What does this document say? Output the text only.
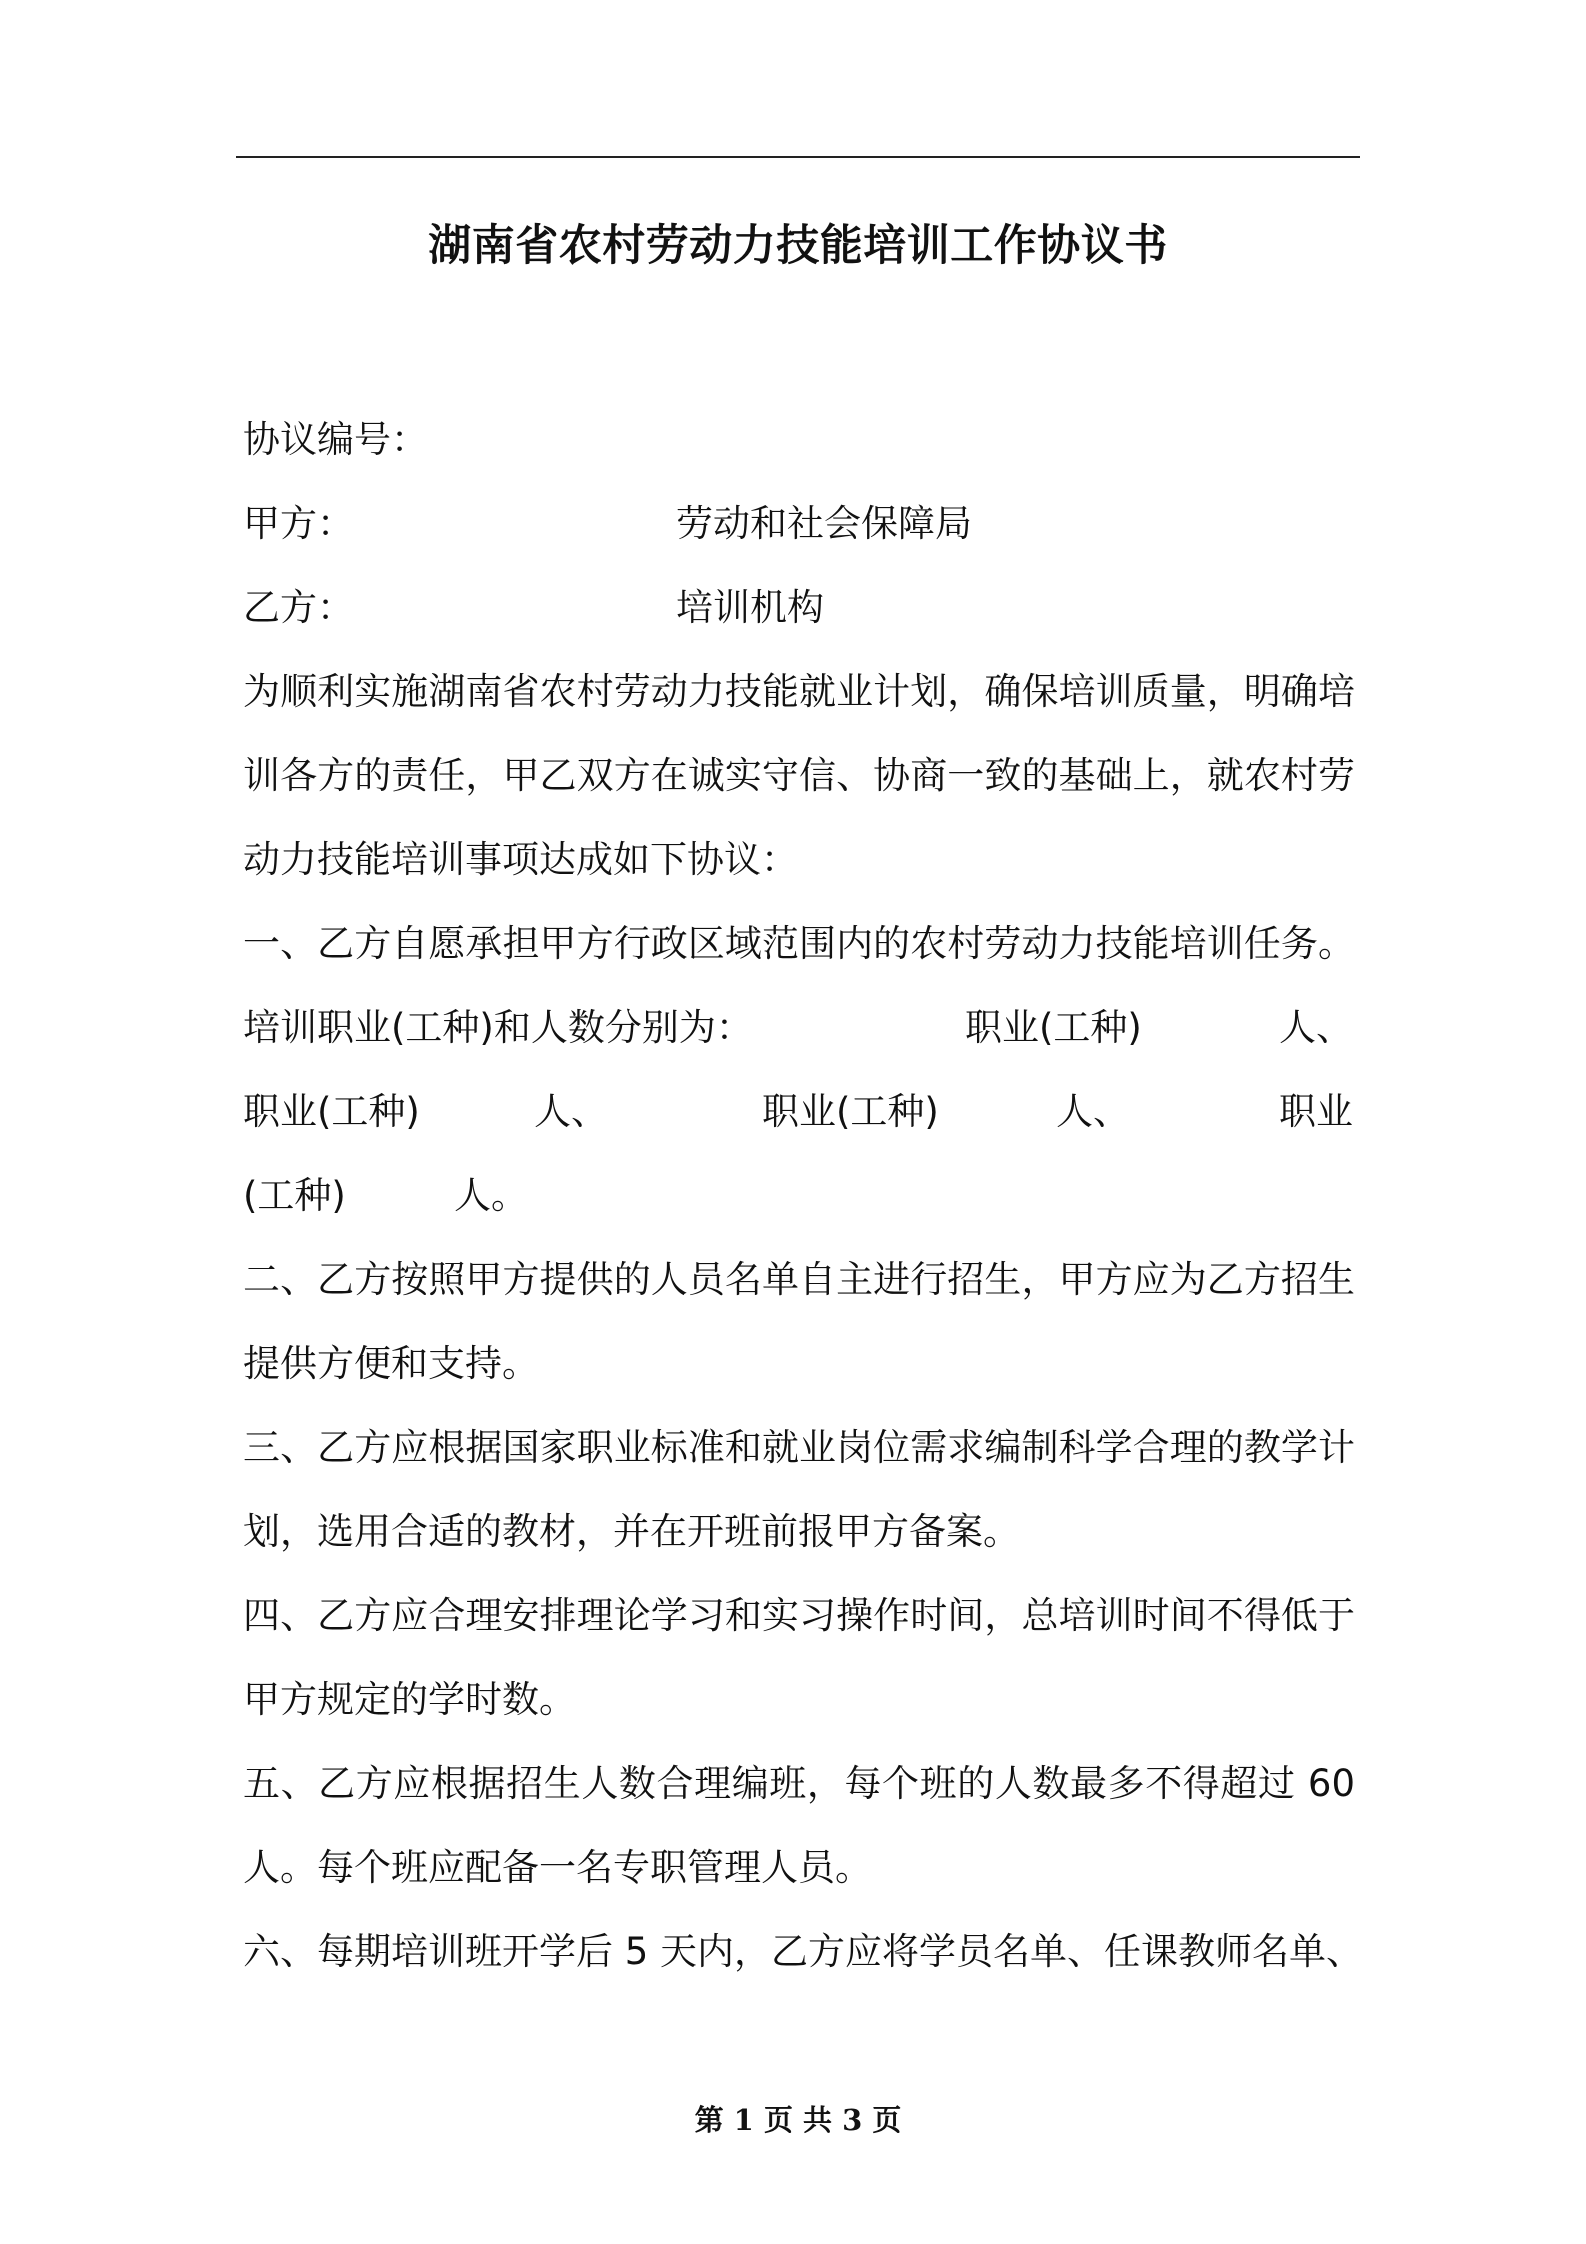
湖南省农村劳动力技能培训工作协议书
协议编号：
甲方：	劳动和社会保障局
乙方：	培训机构
为顺利实施湖南省农村劳动力技能就业计划，确保培训质量，明确培
训各方的责任，甲乙双方在诚实守信、协商一致的基础上，就农村劳
动力技能培训事项达成如下协议：
一、乙方自愿承担甲方行政区域范围内的农村劳动力技能培训任务。
培训职业(工种)和人数分别为：	职业(工种)	人、
职业(工种)	人、	职业(工种)	人、	职业
(工种)	人。
二、乙方按照甲方提供的人员名单自主进行招生，甲方应为乙方招生
提供方便和支持。
三、乙方应根据国家职业标准和就业岗位需求编制科学合理的教学计
划，选用合适的教材，并在开班前报甲方备案。
四、乙方应合理安排理论学习和实习操作时间，总培训时间不得低于
甲方规定的学时数。
五、乙方应根据招生人数合理编班，每个班的人数最多不得超过 60
人。每个班应配备一名专职管理人员。
六、每期培训班开学后 5 天内，乙方应将学员名单、任课教师名单、
第 1 页 共 3 页
